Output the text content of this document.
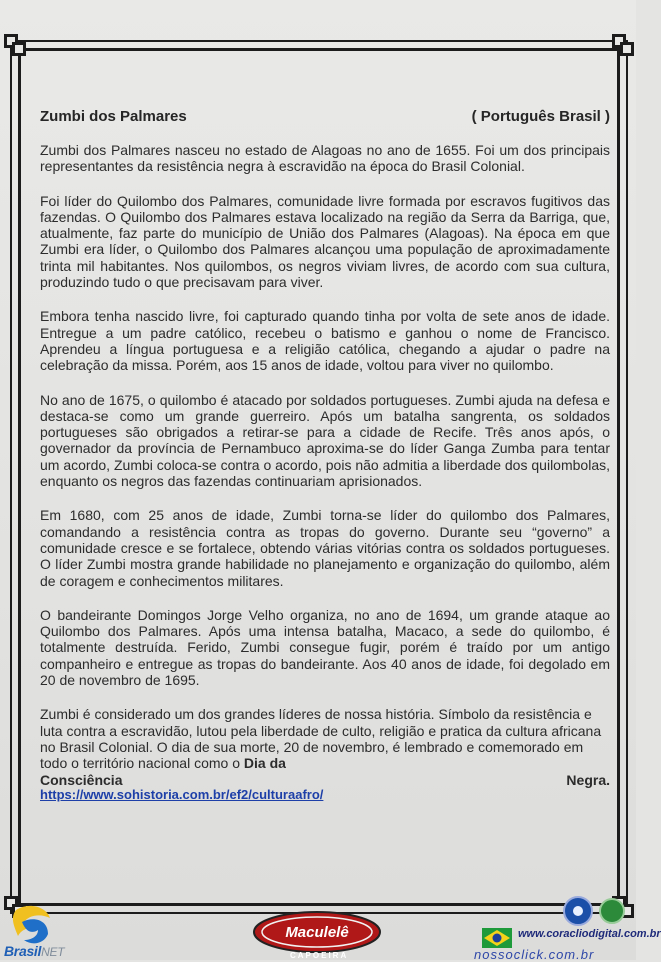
Zumbi dos Palmares	( Português Brasil )

Zumbi dos Palmares nasceu no estado de Alagoas no ano de 1655. Foi um dos principais representantes da resistência negra à escravidão na época do Brasil Colonial.

Foi líder do Quilombo dos Palmares, comunidade livre formada por escravos fugitivos das fazendas. O Quilombo dos Palmares estava localizado na região da Serra da Barriga, que, atualmente, faz parte do município de União dos Palmares (Alagoas). Na época em que Zumbi era líder, o Quilombo dos Palmares alcançou uma população de aproximadamente trinta mil habitantes. Nos quilombos, os negros viviam livres, de acordo com sua cultura, produzindo tudo o que precisavam para viver.

Embora tenha nascido livre, foi capturado quando tinha por volta de sete anos de idade. Entregue a um padre católico, recebeu o batismo e ganhou o nome de Francisco. Aprendeu a língua portuguesa e a religião católica, chegando a ajudar o padre na celebração da missa. Porém, aos 15 anos de idade, voltou para viver no quilombo.

No ano de 1675, o quilombo é atacado por soldados portugueses. Zumbi ajuda na defesa e destaca-se como um grande guerreiro. Após um batalha sangrenta, os soldados portugueses são obrigados a retirar-se para a cidade de Recife. Três anos após, o governador da província de Pernambuco aproxima-se do líder Ganga Zumba para tentar um acordo, Zumbi coloca-se contra o acordo, pois não admitia a liberdade dos quilombolas, enquanto os negros das fazendas continuariam aprisionados.

Em 1680, com 25 anos de idade, Zumbi torna-se líder do quilombo dos Palmares, comandando a resistência contra as tropas do governo. Durante seu “governo” a comunidade cresce e se fortalece, obtendo várias vitórias contra os soldados portugueses. O líder Zumbi mostra grande habilidade no planejamento e organização do quilombo, além de coragem e conhecimentos militares.

O bandeirante Domingos Jorge Velho organiza, no ano de 1694, um grande ataque ao Quilombo dos Palmares. Após uma intensa batalha, Macaco, a sede do quilombo, é totalmente destruída. Ferido, Zumbi consegue fugir, porém é traído por um antigo companheiro e entregue as tropas do bandeirante. Aos 40 anos de idade, foi degolado em 20 de novembro de 1695.

Zumbi é considerado um dos grandes líderes de nossa história. Símbolo da resistência e luta contra a escravidão, lutou pela liberdade de culto, religião e pratica da cultura africana no Brasil Colonial. O dia de sua morte, 20 de novembro, é lembrado e comemorado em todo o território nacional como o Dia da
Consciência	Negra.
https://www.sohistoria.com.br/ef2/culturaafro/
BrasilNET
Maculelê
CAPOEIRA
www.coracliodigital.com.br
nossoclick.com.br
